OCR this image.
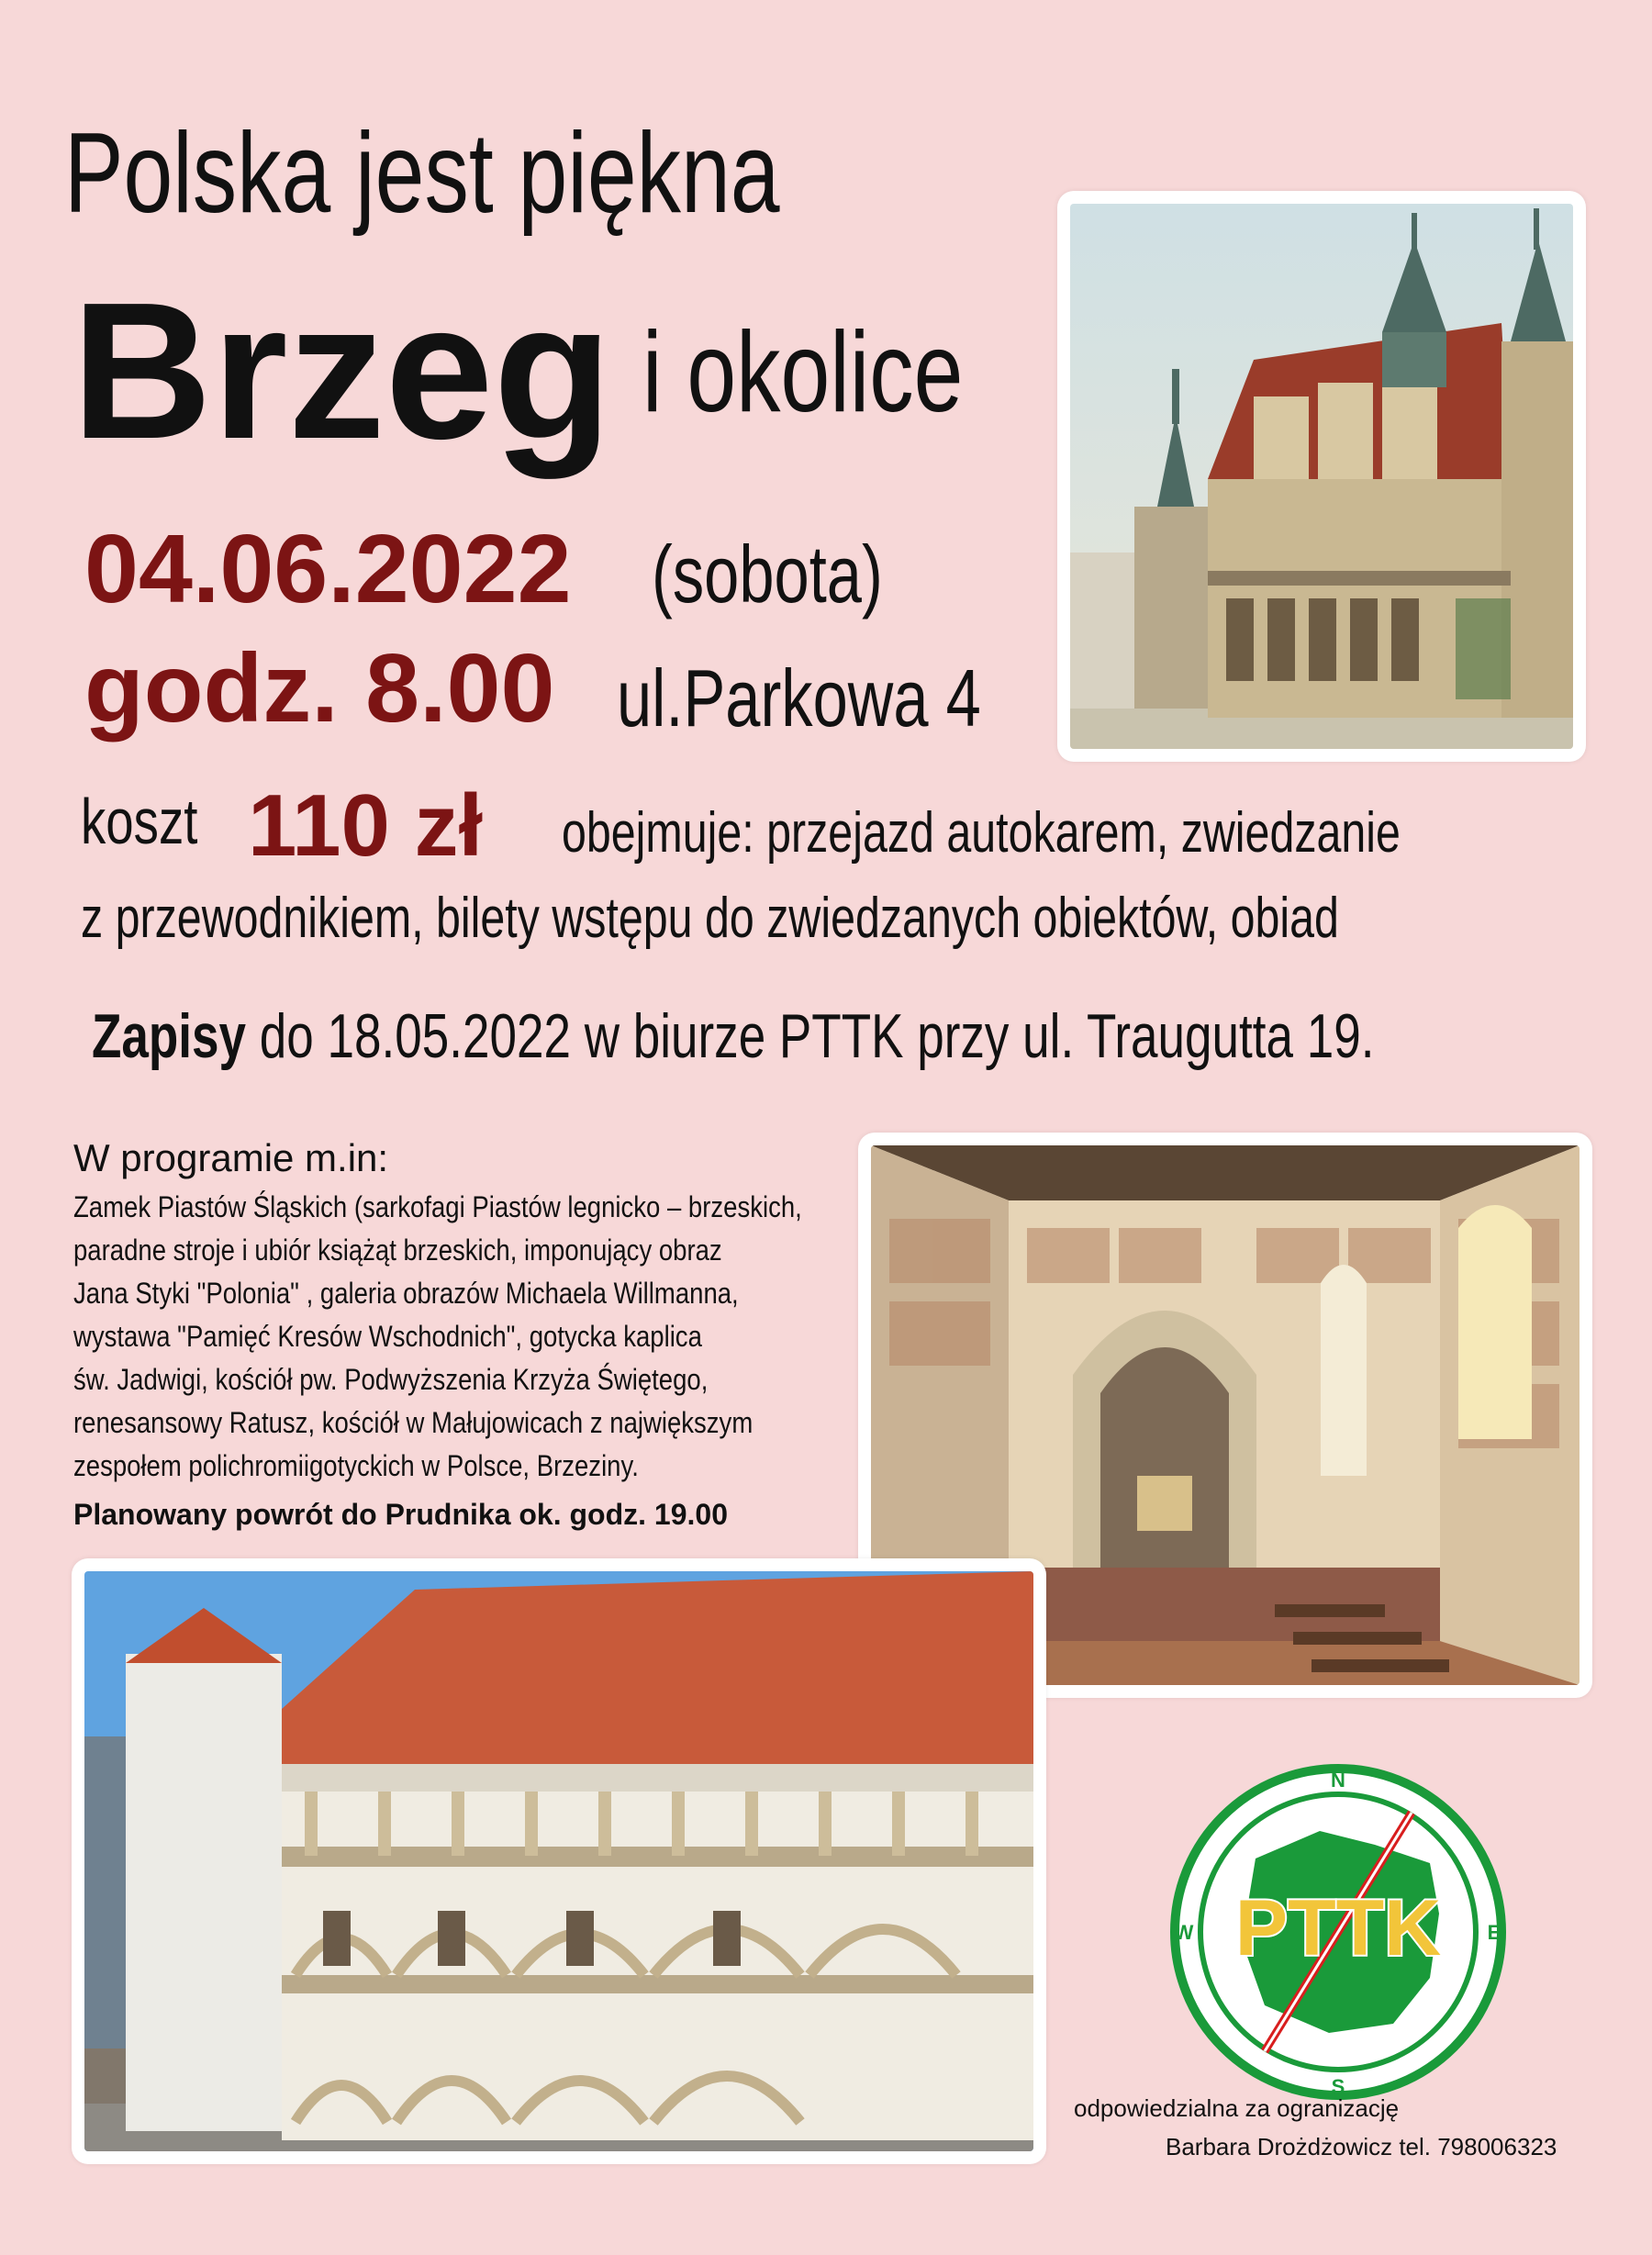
Polska jest piękna
Brzeg i okolice
04.06.2022 (sobota)
godz. 8.00 ul.Parkowa 4
koszt 110 zł obejmuje: przejazd autokarem, zwiedzanie
z przewodnikiem, bilety wstępu do zwiedzanych obiektów, obiad
Zapisy do 18.05.2022 w biurze PTTK przy ul. Traugutta 19.
W programie m.in:
Zamek Piastów Śląskich (sarkofagi Piastów legnicko – brzeskich,
paradne stroje i ubiór książąt brzeskich, imponujący obraz
Jana Styki "Polonia" , galeria obrazów Michaela Willmanna,
wystawa "Pamięć Kresów Wschodnich", gotycka kaplica
św. Jadwigi, kościół pw. Podwyższenia Krzyża Świętego,
renesansowy Ratusz, kościół w Małujowicach z największym
zespołem polichromiigotyckich w Polsce, Brzeziny.
Planowany powrót do Prudnika ok. godz. 19.00
PTTK
N
S
E
W
odpowiedzialna za ogranizację
Barbara Drożdżowicz tel. 798006323
